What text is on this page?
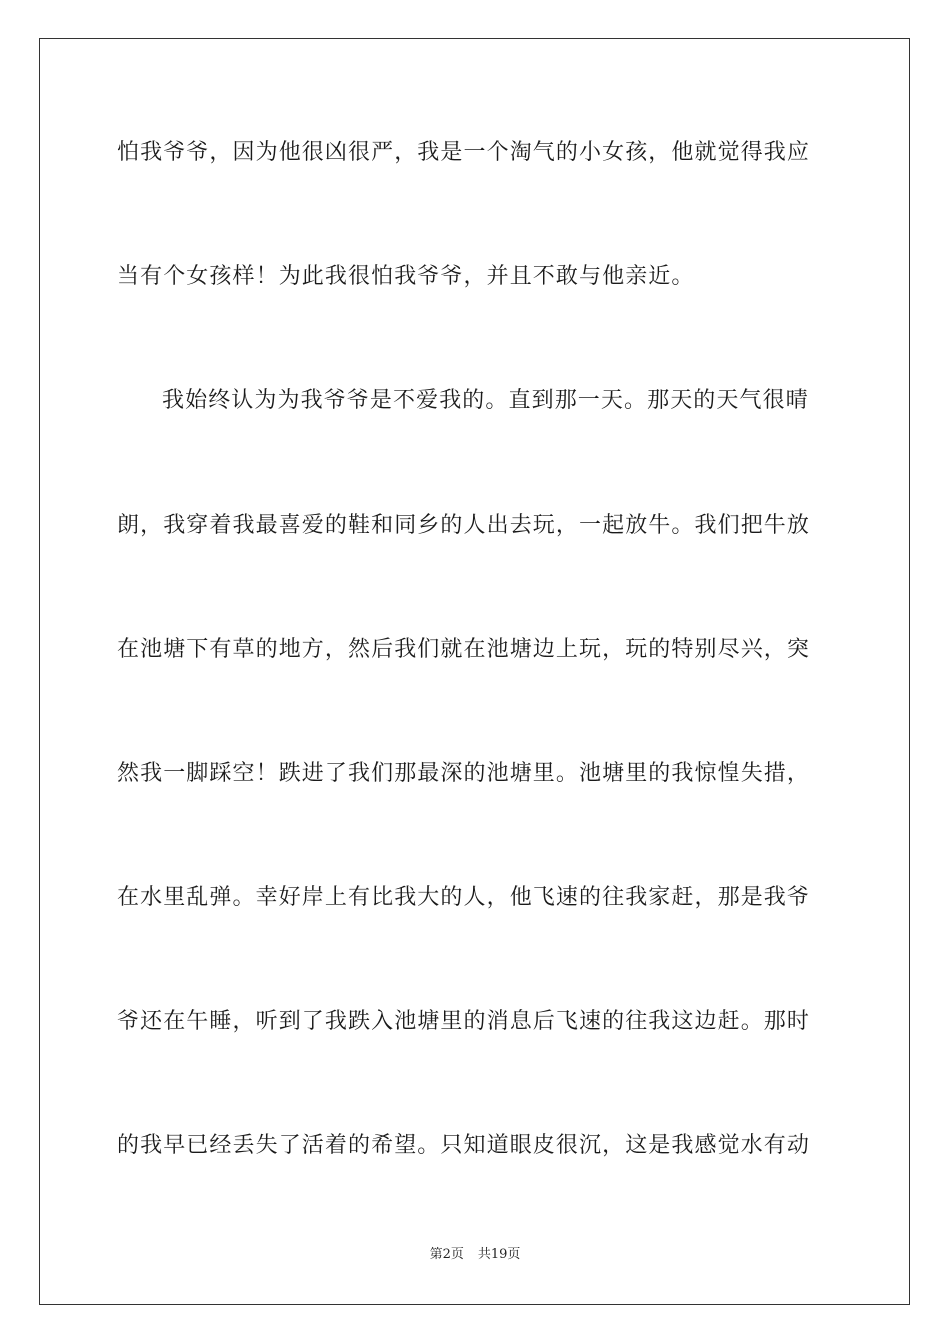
怕我爷爷，因为他很凶很严，我是一个淘气的小女孩，他就觉得我应
当有个女孩样！为此我很怕我爷爷，并且不敢与他亲近。
我始终认为为我爷爷是不爱我的。直到那一天。那天的天气很晴
朗，我穿着我最喜爱的鞋和同乡的人出去玩，一起放牛。我们把牛放
在池塘下有草的地方，然后我们就在池塘边上玩，玩的特别尽兴，突
然我一脚踩空！跌进了我们那最深的池塘里。池塘里的我惊惶失措，
在水里乱弹。幸好岸上有比我大的人，他飞速的往我家赶，那是我爷
爷还在午睡，听到了我跌入池塘里的消息后飞速的往我这边赶。那时
的我早已经丢失了活着的希望。只知道眼皮很沉，这是我感觉水有动
第2页 共19页
